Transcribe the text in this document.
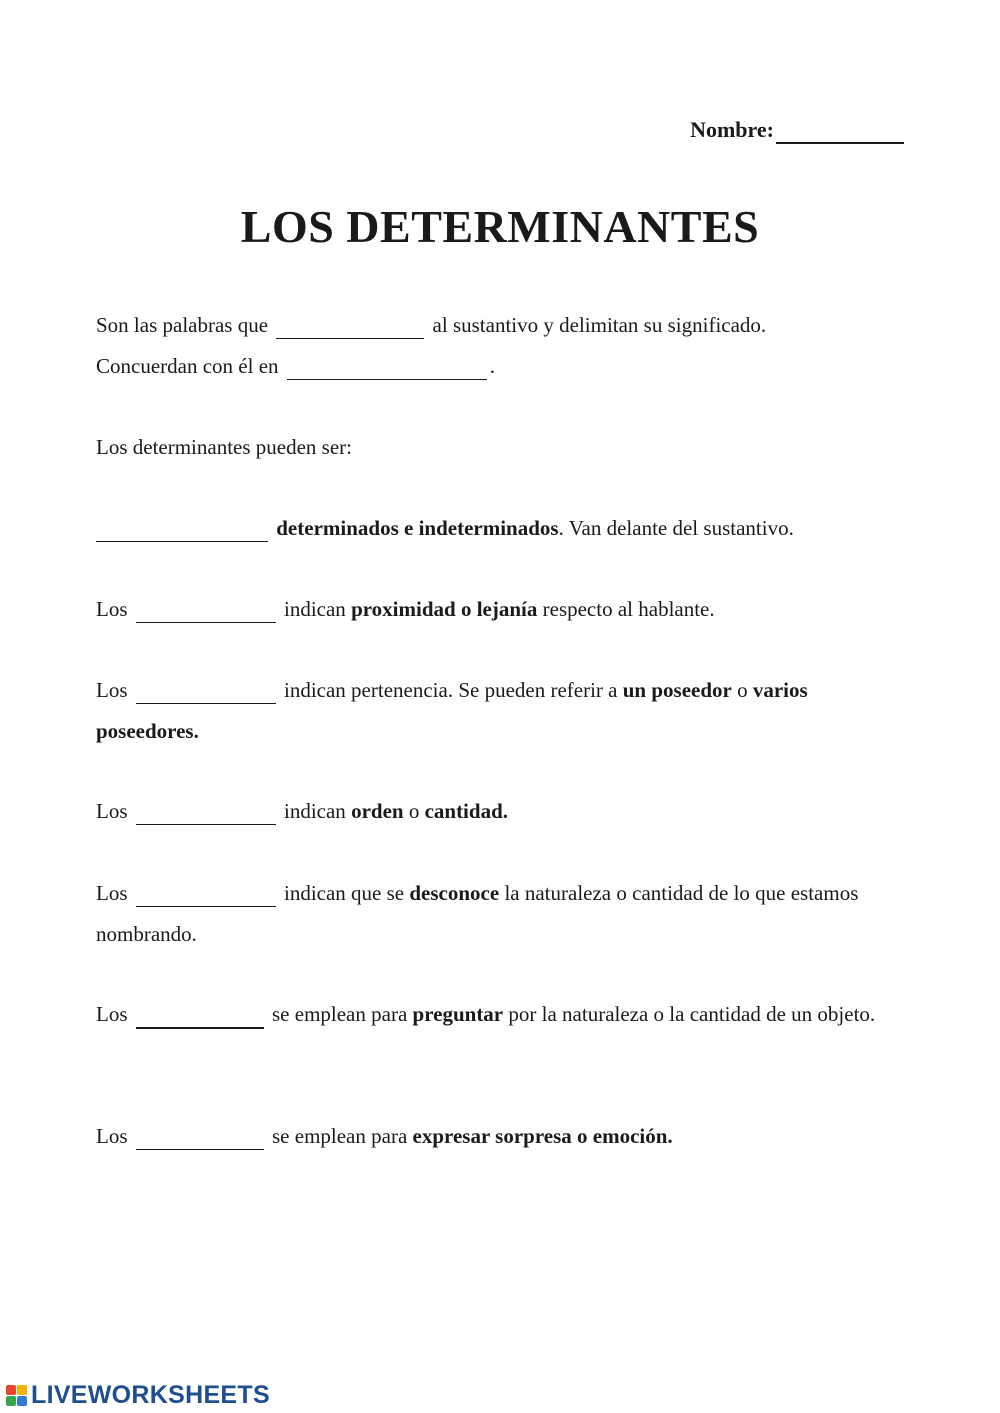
Nombre:
LOS DETERMINANTES

Son las palabras que	al sustantivo y delimitan su significado.
Concuerdan con él en	.

Los determinantes pueden ser:

determinados e indeterminados. Van delante del sustantivo.

Los	indican proximidad o lejanía respecto al hablante.

Los	indican pertenencia. Se pueden referir a un poseedor o varios poseedores.

Los	indican orden o cantidad.

Los	indican que se desconoce la naturaleza o cantidad de lo que estamos nombrando.

Los	se emplean para preguntar por la naturaleza o la cantidad de un objeto.

Los	se emplean para expresar sorpresa o emoción.

LIVEWORKSHEETS
